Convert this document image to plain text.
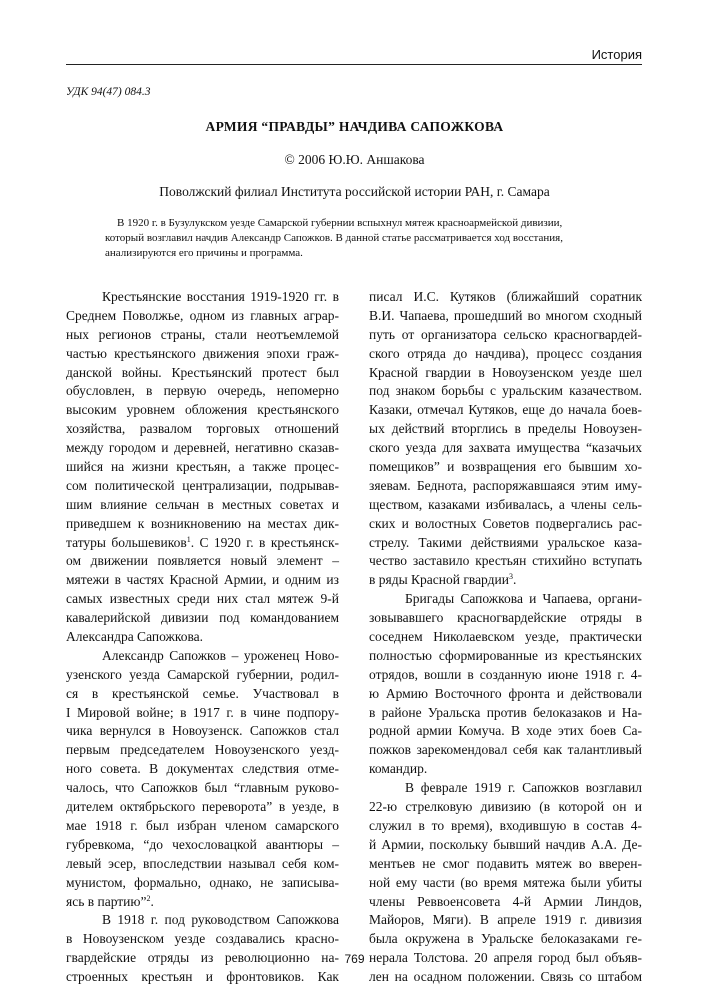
История
УДК 94(47) 084.3
АРМИЯ “ПРАВДЫ” НАЧДИВА САПОЖКОВА
© 2006 Ю.Ю. Аншакова
Поволжский филиал Института российской истории РАН, г. Самара

В 1920 г. в Бузулукском уезде Самарской губернии вспыхнул мятеж красноармейской дивизии,

который возглавил начдив Александр Сапожков. В данной статье рассматривается ход восстания,
анализируются его причины и программа.
Крестьянские восстания 1919-1920 гг. в
Среднем Поволжье, одном из главных аграр-
ных регионов страны, стали неотъемлемой
частью крестьянского движения эпохи граж-
данской войны. Крестьянский протест был
обусловлен, в первую очередь, непомерно
высоким уровнем обложения крестьянского
хозяйства, развалом торговых отношений
между городом и деревней, негативно сказав-
шийся на жизни крестьян, а также процес-
сом политической централизации, подрывав-
шим влияние сельчан в местных советах и
приведшем к возникновению на местах дик-
татуры большевиков$^1$. С 1920 г. в крестьянск-
ом движении появляется новый элемент –
мятежи в частях Красной Армии, и одним из
самых известных среди них стал мятеж 9-й
кавалерийской дивизии под командованием
Александра Сапожкова.
Александр Сапожков – уроженец Ново-
узенского уезда Самарской губернии, родил-
ся в крестьянской семье. Участвовал в
I Мировой войне; в 1917 г. в чине подпору-
чика вернулся в Новоузенск. Сапожков стал
первым председателем Новоузенского уезд-
ного совета. В документах следствия отме-
чалось, что Сапожков был “главным руково-
дителем октябрьского переворота” в уезде, в
мае 1918 г. был избран членом самарского
губревкома, “до чехословацкой авантюры –
левый эсер, впоследствии называл себя ком-
мунистом, формально, однако, не записыва-
ясь в партию”$^2$.
В 1918 г. под руководством Сапожкова
в Новоузенском уезде создавались красно-
гвардейские отряды из революционно на-
строенных крестьян и фронтовиков. Как
писал И.С. Кутяков (ближайший соратник
В.И. Чапаева, прошедший во многом сходный
путь от организатора сельско красногвардей-
ского отряда до начдива), процесс создания
Красной гвардии в Новоузенском уезде шел
под знаком борьбы с уральским казачеством.
Казаки, отмечал Кутяков, еще до начала боев-
ых действий вторглись в пределы Новоузен-
ского уезда для захвата имущества “казачьих
помещиков” и возвращения его бывшим хо-
зяевам. Беднота, распоряжавшаяся этим иму-
ществом, казаками избивалась, а члены сель-
ских и волостных Советов подвергались рас-
стрелу. Такими действиями уральское каза-
чество заставило крестьян стихийно вступать
в ряды Красной гвардии$^3$.
Бригады Сапожкова и Чапаева, органи-
зовывавшего красногвардейские отряды в
соседнем Николаевском уезде, практически
полностью сформированные из крестьянских
отрядов, вошли в созданную июне 1918 г. 4-
ю Армию Восточного фронта и действовали
в районе Уральска против белоказаков и На-
родной армии Комуча. В ходе этих боев Са-
пожков зарекомендовал себя как талантливый
командир.
В феврале 1919 г. Сапожков возглавил
22-ю стрелковую дивизию (в которой он и
служил в то время), входившую в состав 4-
й Армии, поскольку бывший начдив А.А. Де-
ментьев не смог подавить мятеж во вверен-
ной ему части (во время мятежа были убиты
члены Реввоенсовета 4-й Армии Линдов,
Майоров, Мяги). В апреле 1919 г. дивизия
была окружена в Уральске белоказаками ге-
нерала Толстова. 20 апреля город был объяв-
лен на осадном положении. Связь со штабом
769
